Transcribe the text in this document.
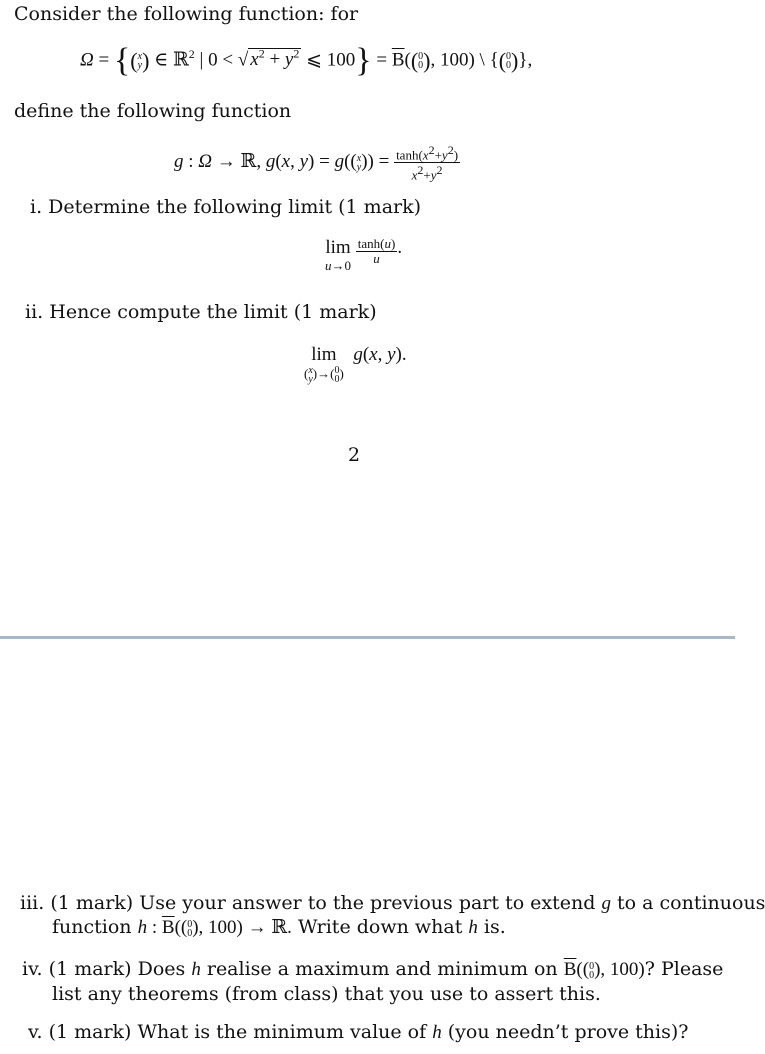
Consider the following function: for
Ω = {(x
y) ∈ ℝ$^2$ | 0 < √ $x^2 + y^2$ ⩽ $100\} = \overline{B}((0$
0), 100) \ {(0
0)},
define the following function
g : Ω → ℝ, g(x, y) = g((x
$y)) = \frac{\tanh(x^2+y^2)}{x^2+y^2}$
i. Determine the following limit (1 mark)
lim
u→0
$\frac{\tanh(u)}{u}$ .
ii. Hence compute the limit (1 mark)
lim
(x
y)→(0
0)
g(x, y).
2
iii. (1 mark) Use your answer to the previous part to extend g to a continuous
function h : $\overline{B}((0$
0), 100) → ℝ. Write down what h is.
iv. (1 mark) Does h realise a maximum and minimum on $\overline{B}((0$
0), 100)? Please
list any theorems (from class) that you use to assert this.
v. (1 mark) What is the minimum value of h (you needn’t prove this)?
